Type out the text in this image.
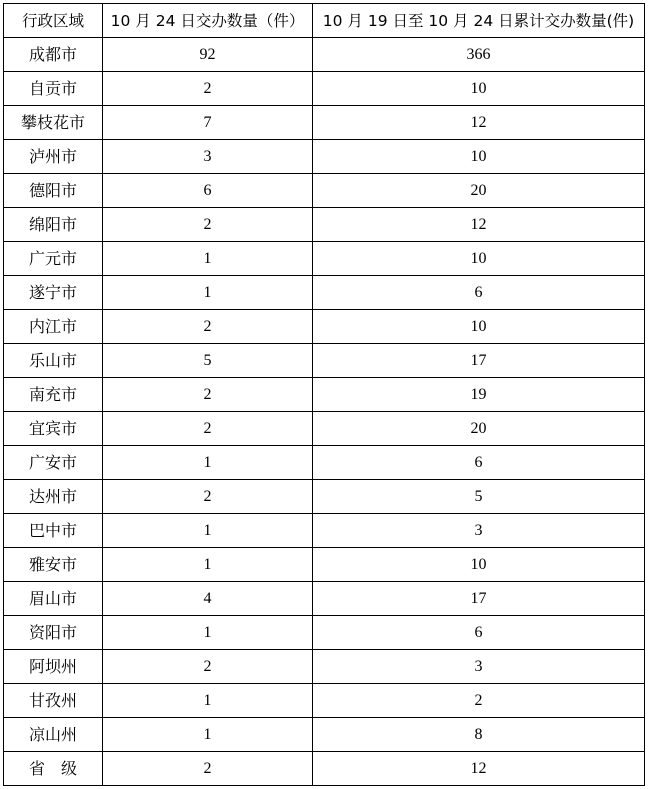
行政区域	10 月 24 日交办数量（件）	10 月 19 日至 10 月 24 日累计交办数量(件)
成都市	92	366
自贡市	2	10
攀枝花市	7	12
泸州市	3	10
德阳市	6	20
绵阳市	2	12
广元市	1	10
遂宁市	1	6
内江市	2	10
乐山市	5	17
南充市	2	19
宜宾市	2	20
广安市	1	6
达州市	2	5
巴中市	1	3
雅安市	1	10
眉山市	4	17
资阳市	1	6
阿坝州	2	3
甘孜州	1	2
凉山州	1	8
省　级	2	12
